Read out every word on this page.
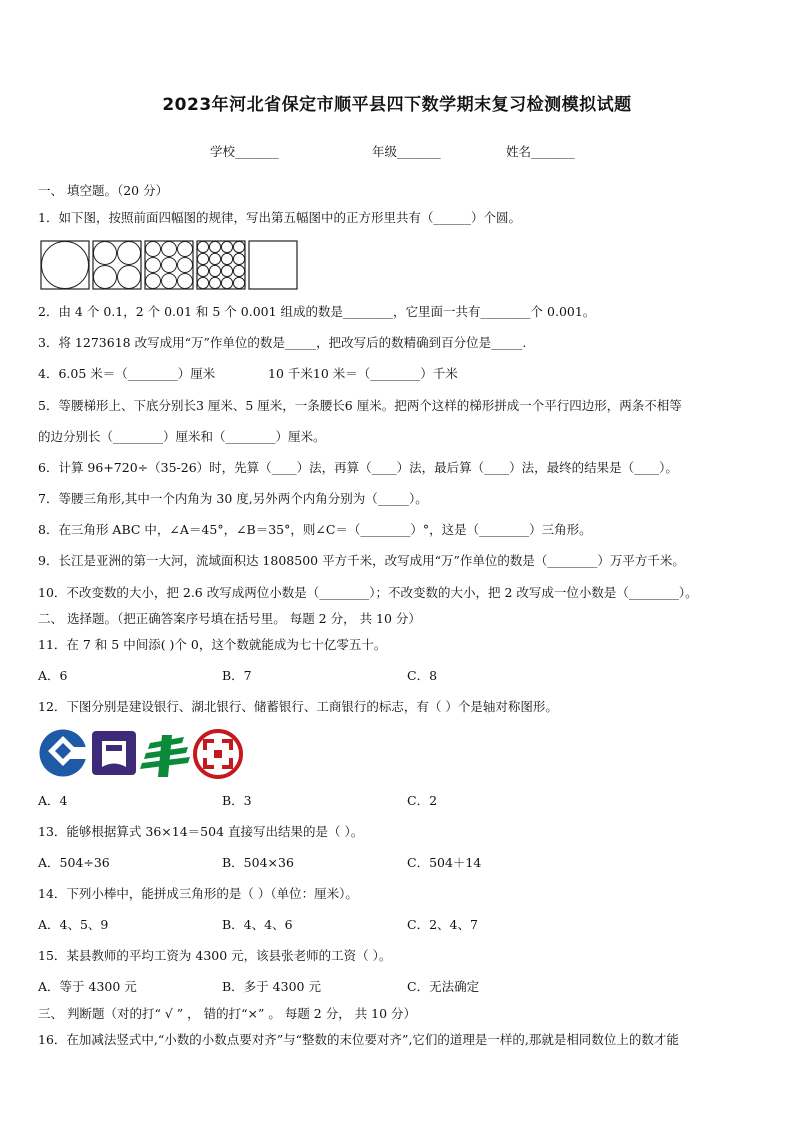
2023年河北省保定市顺平县四下数学期末复习检测模拟试题
学校_______	年级_______	姓名_______
一、 填空题。（20 分）
1．如下图，按照前面四幅图的规律，写出第五幅图中的正方形里共有（______）个圆。
2．由 4 个 0.1，2 个 0.01 和 5 个 0.001 组成的数是________，它里面一共有________个 0.001。
3．将 1273618 改写成用“万”作单位的数是_____，把改写后的数精确到百分位是_____.
4．6.05 米＝（________）厘米	10 千米10 米＝（________）千米
5．等腰梯形上、下底分别长3 厘米、5 厘米，一条腰长6 厘米。把两个这样的梯形拼成一个平行四边形，两条不相等
的边分别长（________）厘米和（________）厘米。
6．计算 96+720÷（35-26）时，先算（____）法，再算（____）法，最后算（____）法，最终的结果是（____）。
7．等腰三角形,其中一个内角为 30 度,另外两个内角分别为（_____）。
8．在三角形 ABC 中，∠A＝45°，∠B＝35°，则∠C＝（________）°，这是（________）三角形。
9．长江是亚洲的第一大河，流域面积达 1808500 平方千米，改写成用“万”作单位的数是（________）万平方千米。
10．不改变数的大小，把 2.6 改写成两位小数是（________）；不改变数的大小，把 2 改写成一位小数是（________）。
二、 选择题。（把正确答案序号填在括号里。 每题 2 分， 共 10 分）
11．在 7 和 5 中间添( )个 0，这个数就能成为七十亿零五十。
A．6	B．7	C．8
12．下图分别是建设银行、湖北银行、储蓄银行、工商银行的标志，有（ ）个是轴对称图形。
A．4	B．3	C．2
13．能够根据算式 36×14＝504 直接写出结果的是（ ）。
A．504÷36	B．504×36	C．504＋14
14．下列小棒中，能拼成三角形的是（ ）（单位：厘米）。
A．4、5、9	B．4、4、6	C．2、4、7
15．某县教师的平均工资为 4300 元，该县张老师的工资（ ）。
A．等于 4300 元	B．多于 4300 元	C．无法确定
三、 判断题（对的打“ √ ” ， 错的打“×” 。 每题 2 分， 共 10 分）
16．在加减法竖式中,“小数的小数点要对齐”与“整数的末位要对齐”,它们的道理是一样的,那就是相同数位上的数才能
